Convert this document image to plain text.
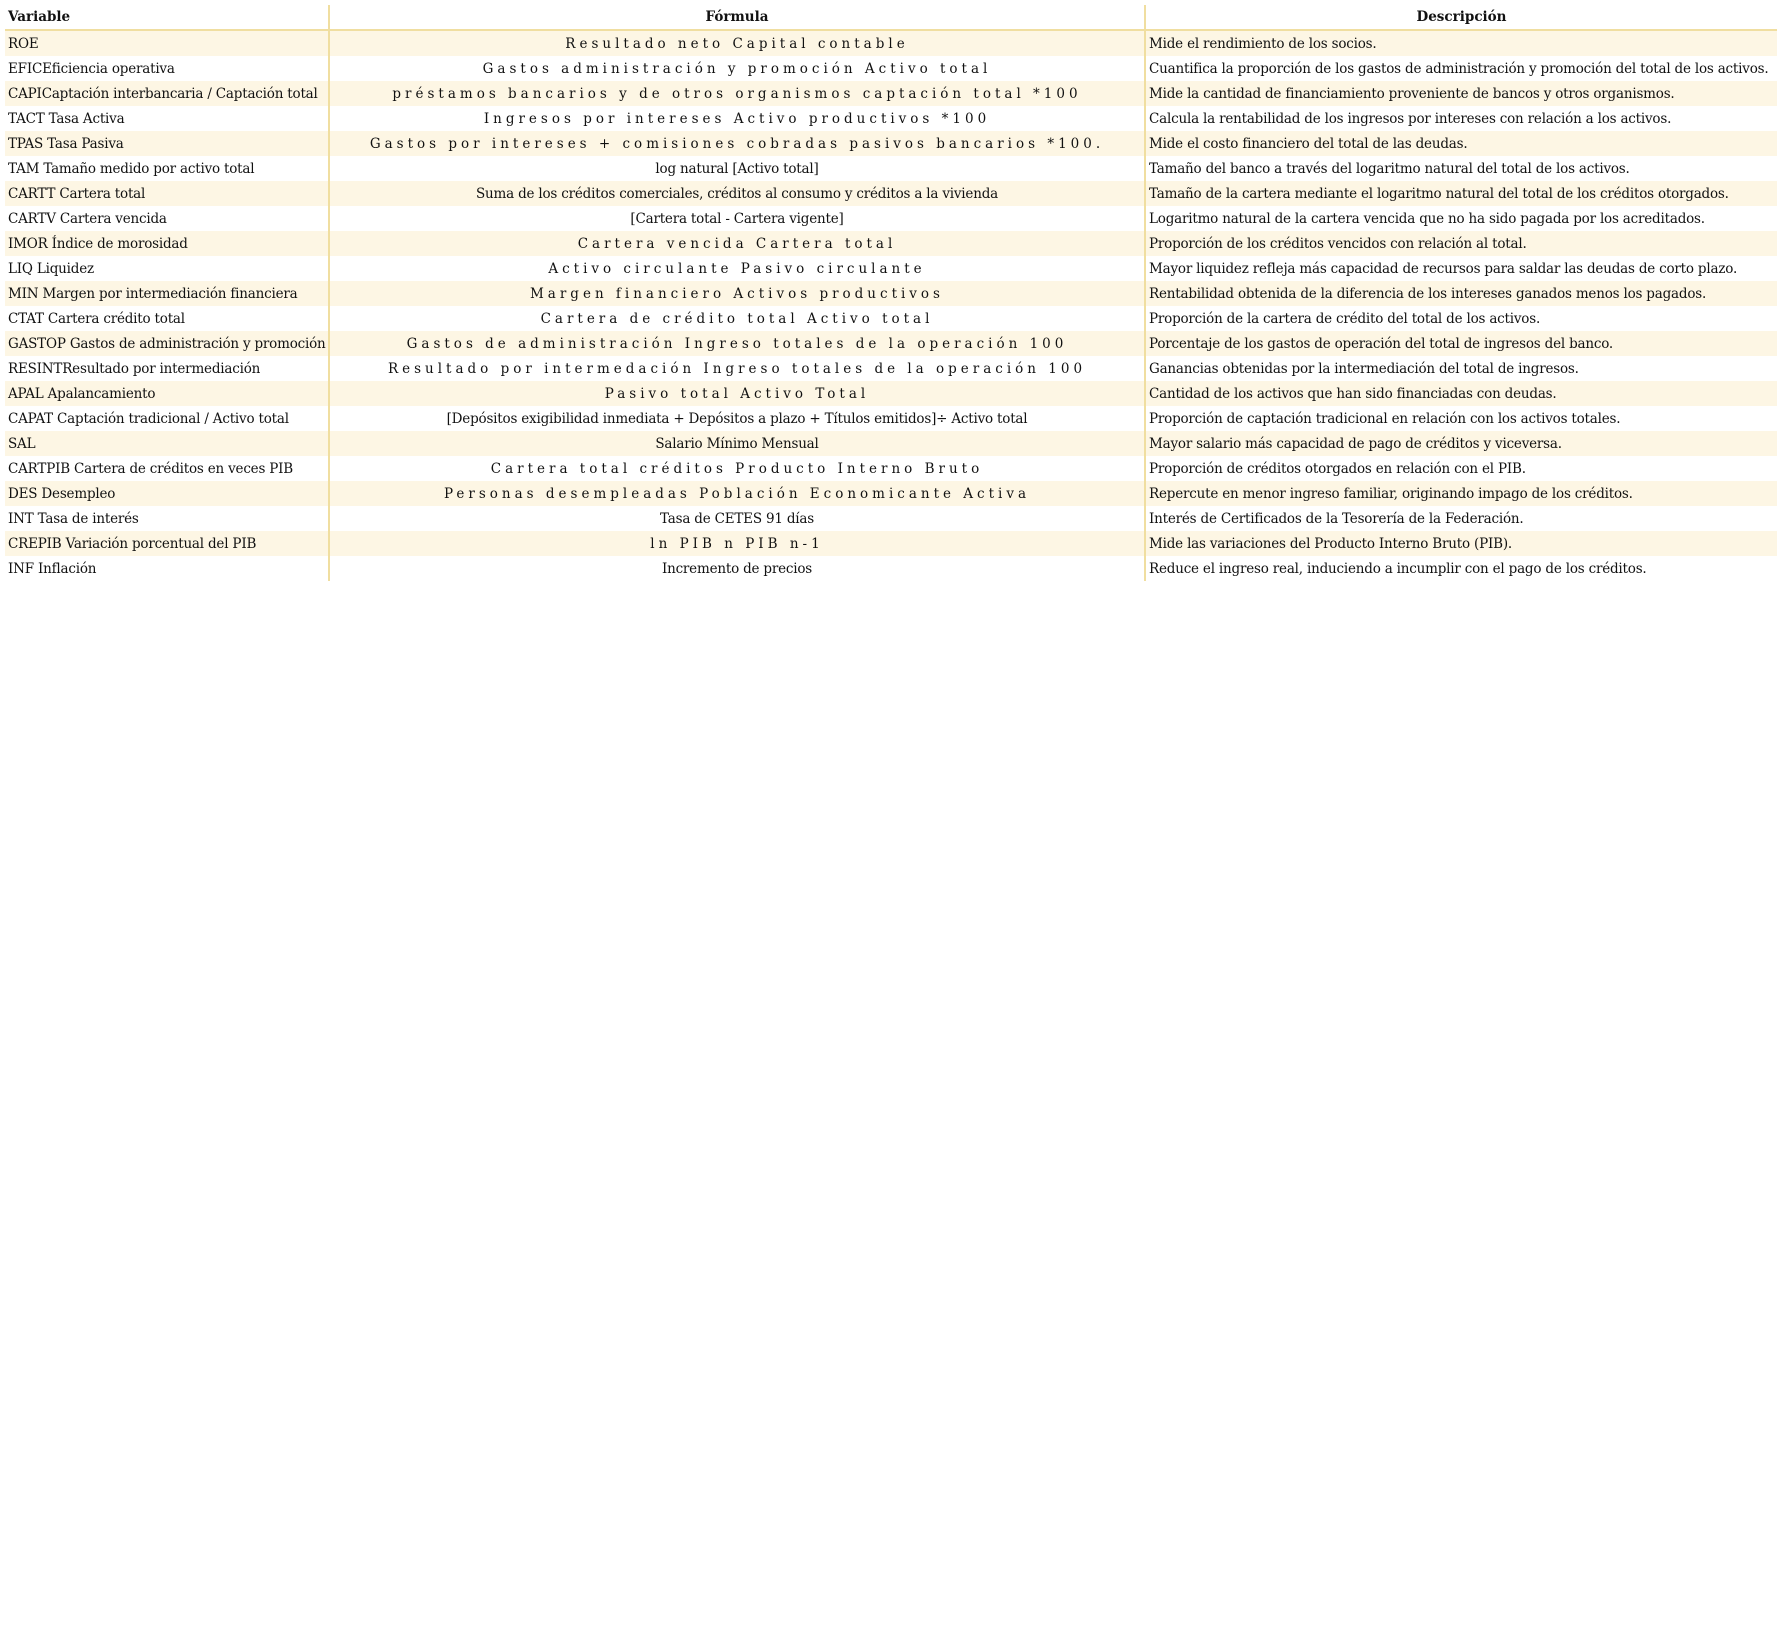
Variable	Fórmula	Descripción
ROE	Resultado neto Capital contable	Mide el rendimiento de los socios.
EFICEficiencia operativa	Gastos administración y promoción Activo total	Cuantifica la proporción de los gastos de administración y promoción del total de los activos.
CAPICaptación interbancaria / Captación total	préstamos bancarios y de otros organismos captación total *100	Mide la cantidad de financiamiento proveniente de bancos y otros organismos.
TACT Tasa Activa	Ingresos por intereses Activo productivos *100	Calcula la rentabilidad de los ingresos por intereses con relación a los activos.
TPAS Tasa Pasiva	Gastos por intereses + comisiones cobradas pasivos bancarios *100.	Mide el costo financiero del total de las deudas.
TAM Tamaño medido por activo total	log natural [Activo total]	Tamaño del banco a través del logaritmo natural del total de los activos.
CARTT Cartera total	Suma de los créditos comerciales, créditos al consumo y créditos a la vivienda	Tamaño de la cartera mediante el logaritmo natural del total de los créditos otorgados.
CARTV Cartera vencida	[Cartera total - Cartera vigente]	Logaritmo natural de la cartera vencida que no ha sido pagada por los acreditados.
IMOR Índice de morosidad	Cartera vencida Cartera total	Proporción de los créditos vencidos con relación al total.
LIQ Liquidez	Activo circulante Pasivo circulante	Mayor liquidez refleja más capacidad de recursos para saldar las deudas de corto plazo.
MIN Margen por intermediación financiera	Margen financiero Activos productivos	Rentabilidad obtenida de la diferencia de los intereses ganados menos los pagados.
CTAT Cartera crédito total	Cartera de crédito total Activo total	Proporción de la cartera de crédito del total de los activos.
GASTOP Gastos de administración y promoción	Gastos de administración Ingreso totales de la operación 100	Porcentaje de los gastos de operación del total de ingresos del banco.
RESINTResultado por intermediación	Resultado por intermedación Ingreso totales de la operación 100	Ganancias obtenidas por la intermediación del total de ingresos.
APAL Apalancamiento	Pasivo total Activo Total	Cantidad de los activos que han sido financiadas con deudas.
CAPAT Captación tradicional / Activo total	[Depósitos exigibilidad inmediata + Depósitos a plazo + Títulos emitidos]÷ Activo total	Proporción de captación tradicional en relación con los activos totales.
SAL	Salario Mínimo Mensual	Mayor salario más capacidad de pago de créditos y viceversa.
CARTPIB Cartera de créditos en veces PIB	Cartera total créditos Producto Interno Bruto	Proporción de créditos otorgados en relación con el PIB.
DES Desempleo	Personas desempleadas Población Economicante Activa	Repercute en menor ingreso familiar, originando impago de los créditos.
INT Tasa de interés	Tasa de CETES 91 días	Interés de Certificados de la Tesorería de la Federación.
CREPIB Variación porcentual del PIB	ln PIB n PIB n-1	Mide las variaciones del Producto Interno Bruto (PIB).
INF Inflación	Incremento de precios	Reduce el ingreso real, induciendo a incumplir con el pago de los créditos.
